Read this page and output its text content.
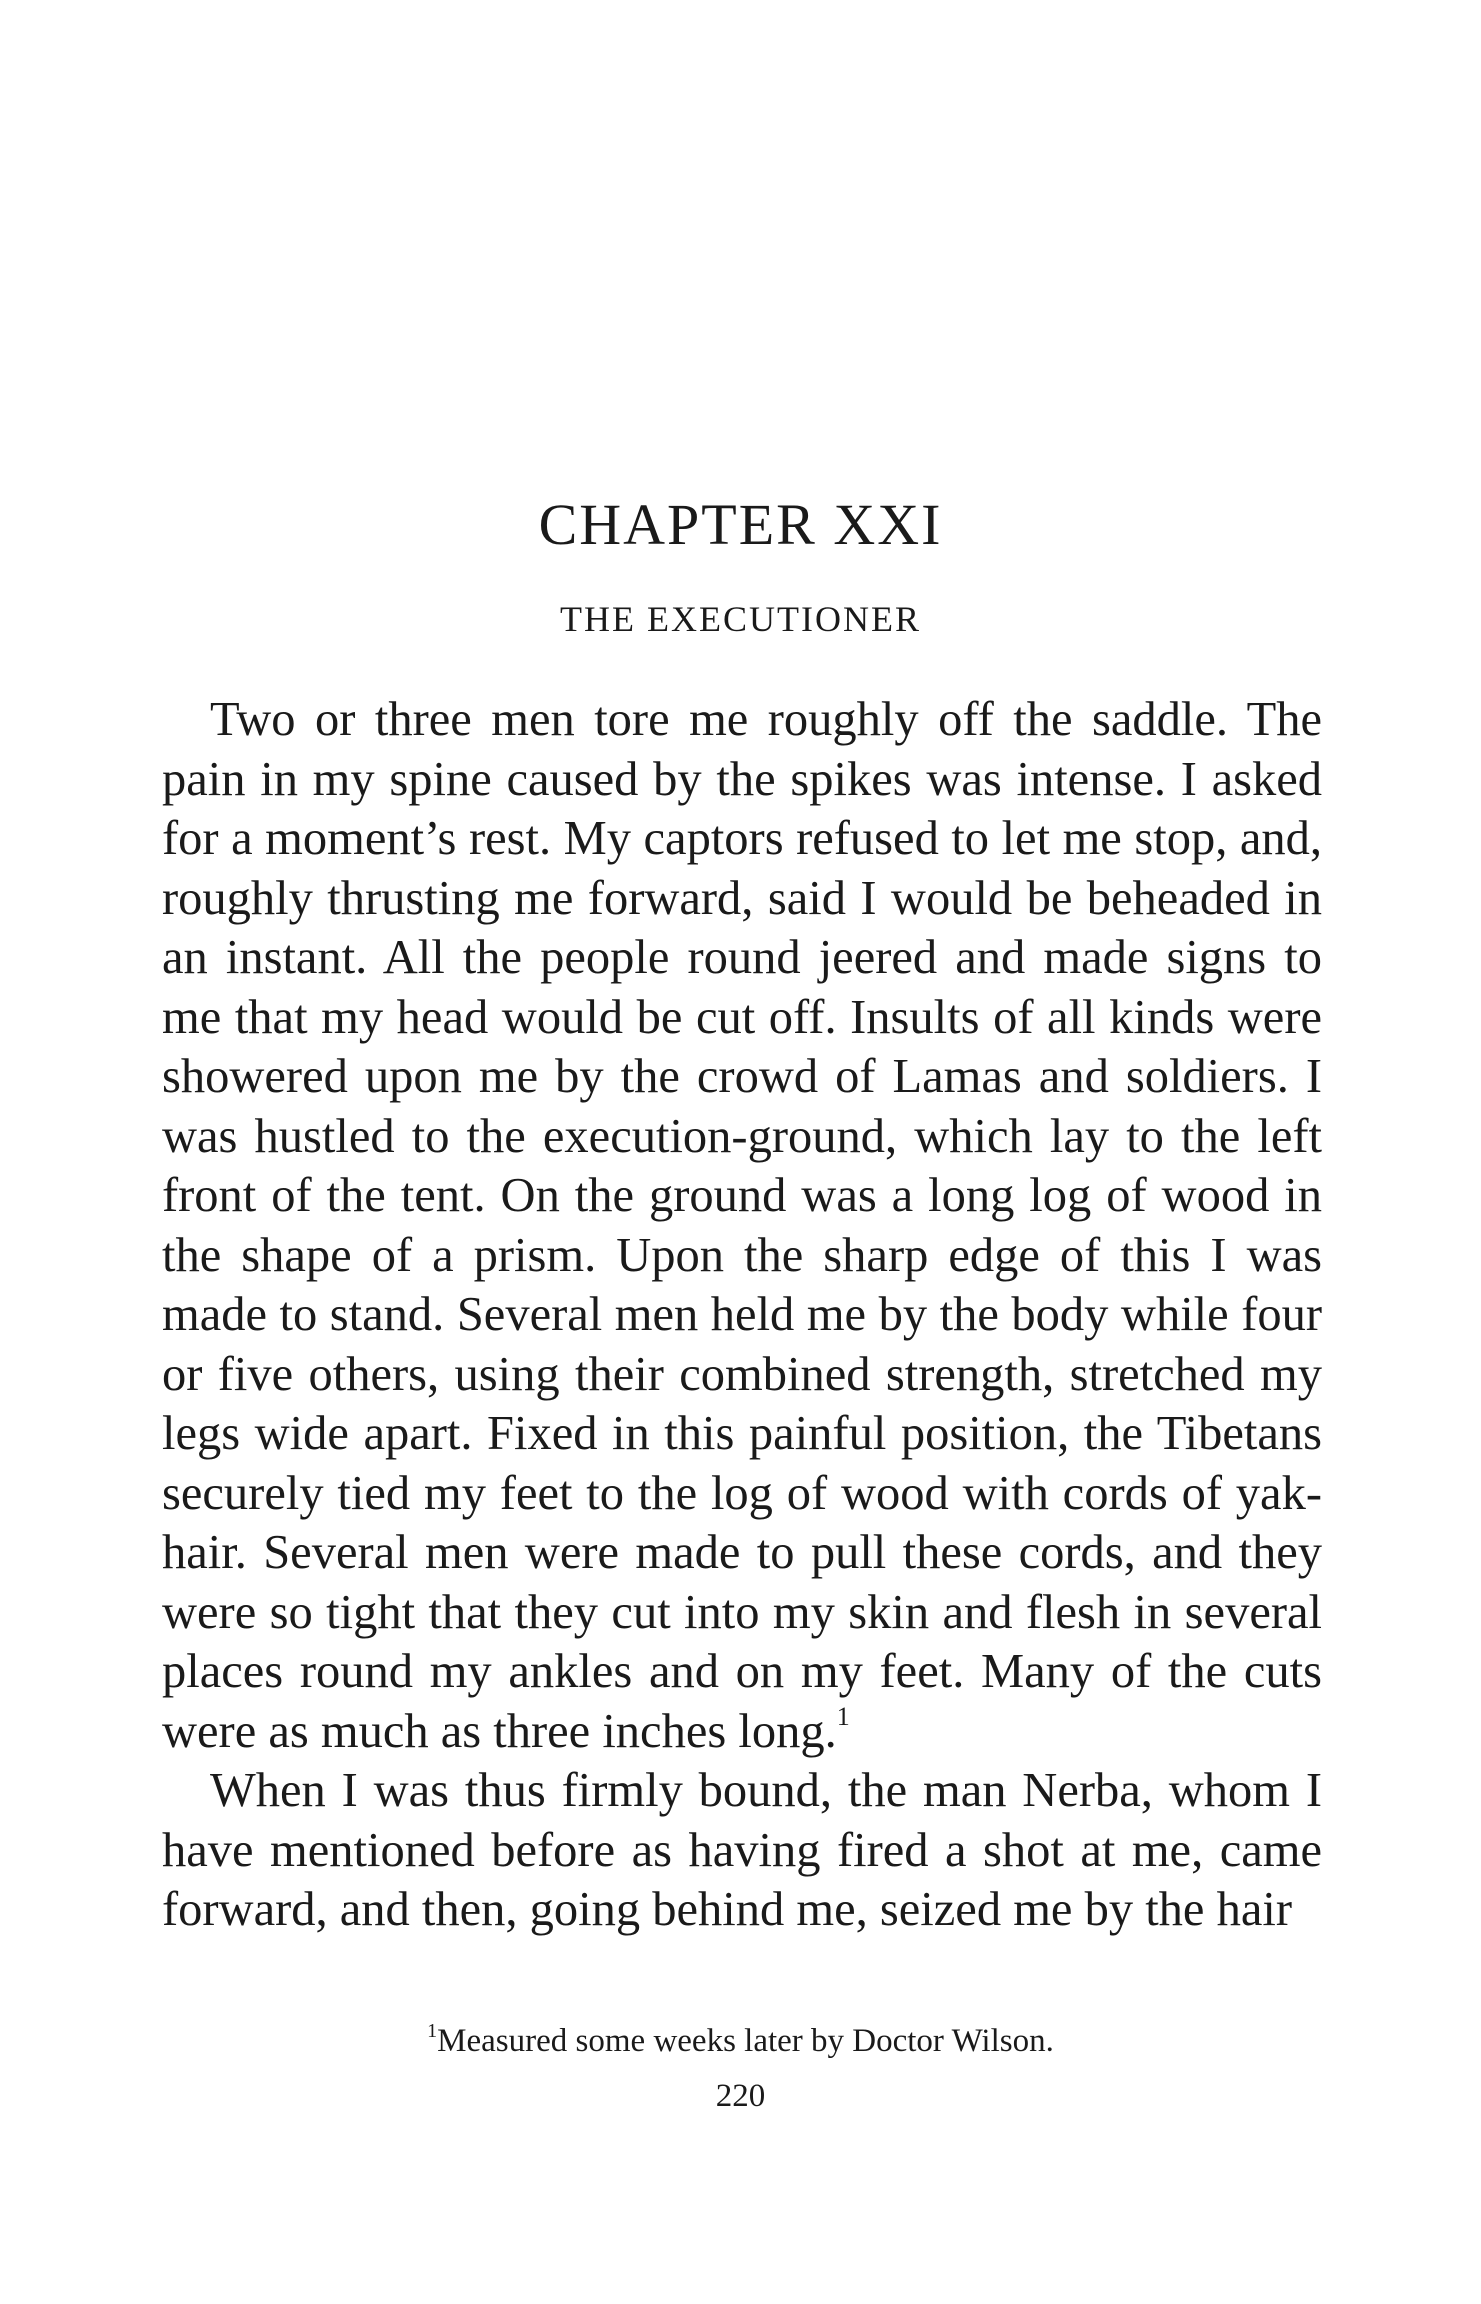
CHAPTER XXI
THE EXECUTIONER

Two or three men tore me roughly off the saddle. The pain in my spine caused by the spikes was intense. I asked for a moment’s rest. My captors refused to let me stop, and, roughly thrusting me forward, said I would be beheaded in an instant. All the people round jeered and made signs to me that my head would be cut off. Insults of all kinds were showered upon me by the crowd of Lamas and soldiers. I was hustled to the execution-ground, which lay to the left front of the tent. On the ground was a long log of wood in the shape of a prism. Upon the sharp edge of this I was made to stand. Several men held me by the body while four or five others, using their combined strength, stretched my legs wide apart. Fixed in this painful position, the Tibetans securely tied my feet to the log of wood with cords of yak-hair. Several men were made to pull these cords, and they were so tight that they cut into my skin and flesh in several places round my ankles and on my feet. Many of the cuts were as much as three inches long.$^1$

When I was thus firmly bound, the man Nerba, whom I have mentioned before as having fired a shot at me, came forward, and then, going behind me, seized me by the hair

$^1$Measured some weeks later by Doctor Wilson.
220
